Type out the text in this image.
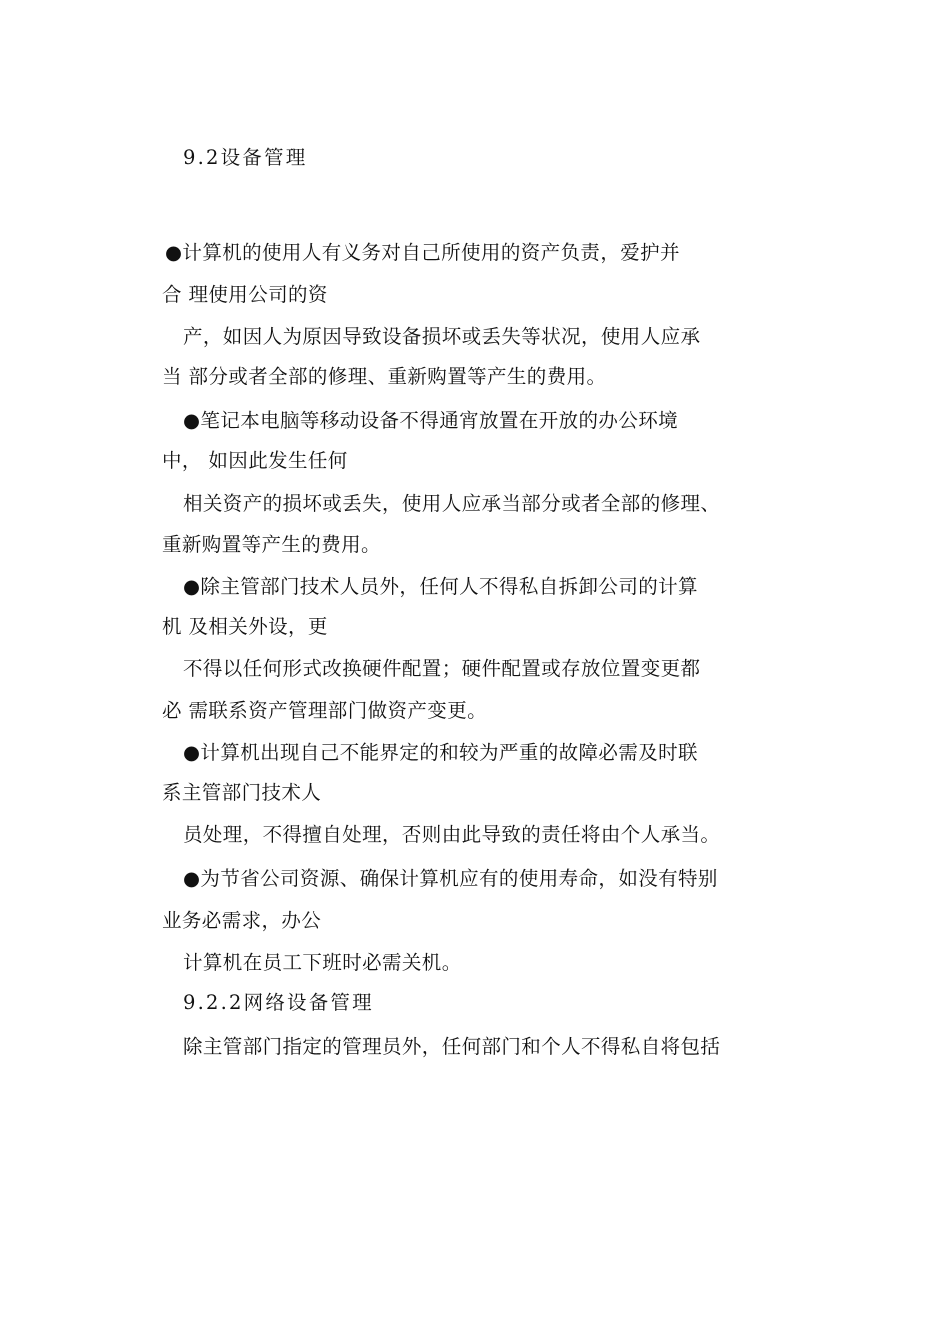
9.2设备管理

●计算机的使用人有义务对自己所使用的资产负责，爱护并

合 理使用公司的资

产，如因人为原因导致设备损坏或丢失等状况，使用人应承

当 部分或者全部的修理、重新购置等产生的费用。

●笔记本电脑等移动设备不得通宵放置在开放的办公环境

中， 如因此发生任何

相关资产的损坏或丢失，使用人应承当部分或者全部的修理、

重新购置等产生的费用。

●除主管部门技术人员外，任何人不得私自拆卸公司的计算

机 及相关外设，更

不得以任何形式改换硬件配置；硬件配置或存放位置变更都

必 需联系资产管理部门做资产变更。

●计算机出现自己不能界定的和较为严重的故障必需及时联

系主管部门技术人

员处理，不得擅自处理，否则由此导致的责任将由个人承当。

●为节省公司资源、确保计算机应有的使用寿命，如没有特别

业务必需求，办公

计算机在员工下班时必需关机。

9.2.2网络设备管理

除主管部门指定的管理员外，任何部门和个人不得私自将包括
